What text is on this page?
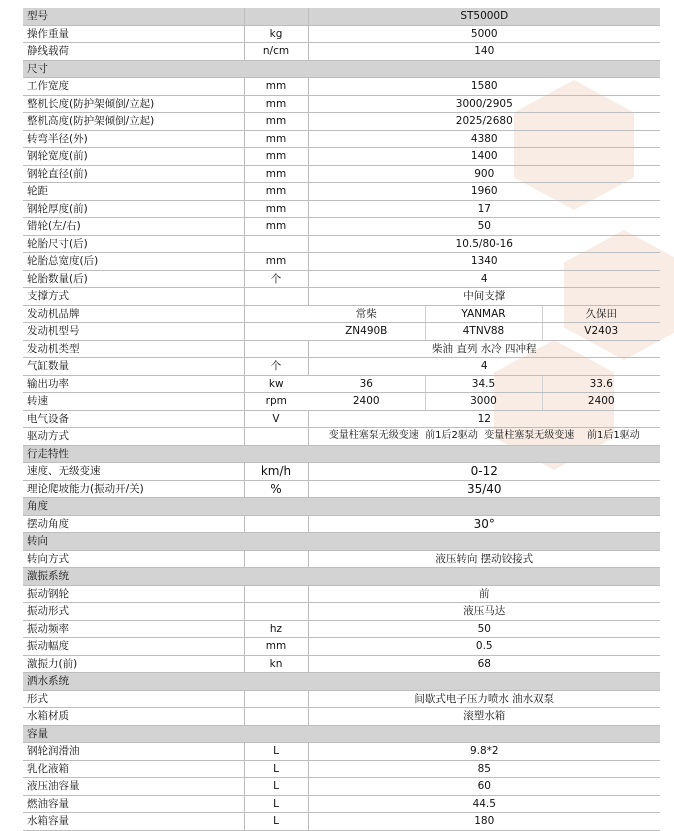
型号		ST5000D		
操作重量	kg	5000		
静线载荷	n/cm	140		
尺寸				
工作宽度	mm	1580		
整机长度(防护架倾倒/立起)	mm	3000/2905		
整机高度(防护架倾倒/立起)	mm	2025/2680		
转弯半径(外)	mm	4380		
钢轮宽度(前)	mm	1400		
钢轮直径(前)	mm	900		
轮距	mm	1960		
钢轮厚度(前)	mm	17		
错轮(左/右)	mm	50		
轮胎尺寸(后)		10.5/80-16		
轮胎总宽度(后)	mm	1340		
轮胎数量(后)	个	4		
支撑方式		中间支撑		
发动机品牌		常柴	YANMAR	久保田
发动机型号		ZN490B	4TNV88	V2403
发动机类型		柴油 直列 水冷 四冲程		
气缸数量	个	4		
输出功率	kw	36	34.5	33.6
转速	rpm	2400	3000	2400
电气设备	V	12		
驱动方式		变量柱塞泵无级变速 前1后2驱动 变量柱塞泵无级变速 前1后1驱动		
行走特性				
速度、无级变速	km/h	0-12		
理论爬坡能力(振动开/关)	%	35/40		
角度				
摆动角度		30°		
转向				
转向方式		液压转向 摆动铰接式		
激振系统				
振动钢轮		前		
振动形式		液压马达		
振动频率	hz	50		
振动幅度	mm	0.5		
激振力(前)	kn	68		
洒水系统				
形式		间歇式电子压力喷水 油水双泵		
水箱材质		滚塑水箱		
容量				
钢轮润滑油	L	9.8*2		
乳化液箱	L	85		
液压油容量	L	60		
燃油容量	L	44.5		
水箱容量	L	180		
